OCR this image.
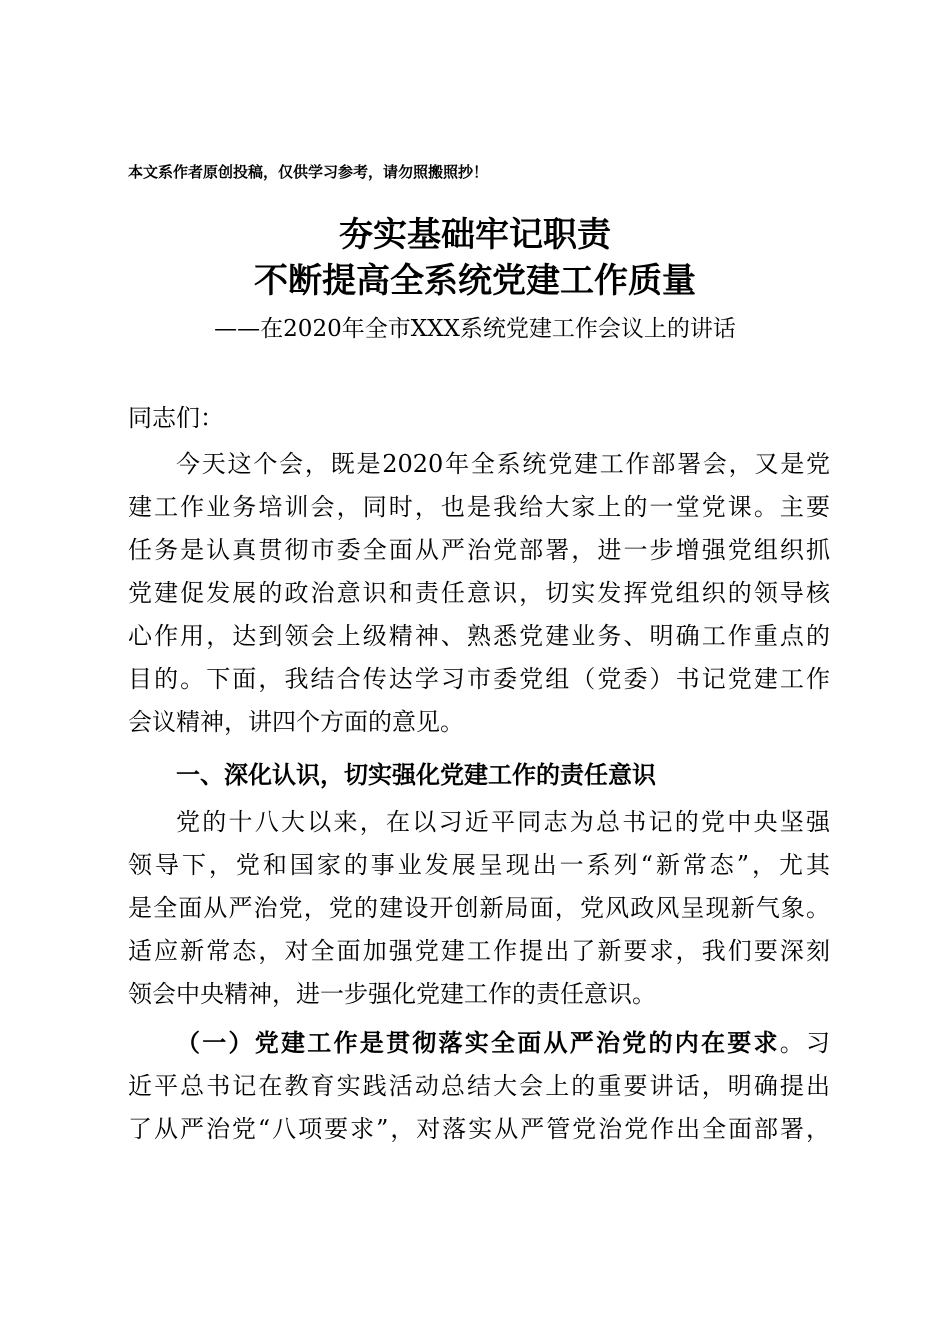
本文系作者原创投稿，仅供学习参考，请勿照搬照抄！
夯实基础牢记职责
不断提高全系统党建工作质量
——在2020年全市XXX系统党建工作会议上的讲话
同志们：
今天这个会，既是2020年全系统党建工作部署会，又是党
建工作业务培训会，同时，也是我给大家上的一堂党课。主要
任务是认真贯彻市委全面从严治党部署，进一步增强党组织抓
党建促发展的政治意识和责任意识，切实发挥党组织的领导核
心作用，达到领会上级精神、熟悉党建业务、明确工作重点的
目的。下面，我结合传达学习市委党组（党委）书记党建工作
会议精神，讲四个方面的意见。
一、深化认识，切实强化党建工作的责任意识
党的十八大以来，在以习近平同志为总书记的党中央坚强
领导下，党和国家的事业发展呈现出一系列“新常态”，尤其
是全面从严治党，党的建设开创新局面，党风政风呈现新气象。
适应新常态，对全面加强党建工作提出了新要求，我们要深刻
领会中央精神，进一步强化党建工作的责任意识。
（一）党建工作是贯彻落实全面从严治党的内在要求。习
近平总书记在教育实践活动总结大会上的重要讲话，明确提出
了从严治党“八项要求”，对落实从严管党治党作出全面部署，
